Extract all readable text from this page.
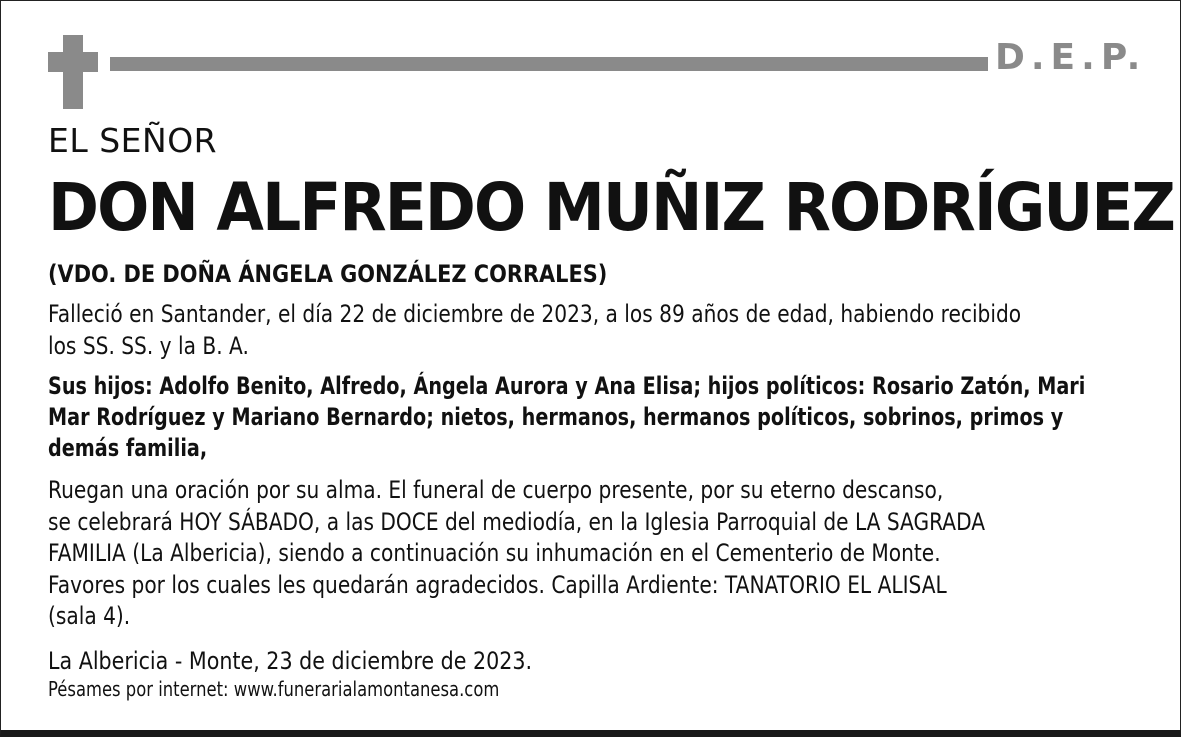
D.E.P.
EL SEÑOR
DON ALFREDO MUÑIZ RODRÍGUEZ
(VDO. DE DOÑA ÁNGELA GONZÁLEZ CORRALES)
Falleció en Santander, el día 22 de diciembre de 2023, a los 89 años de edad, habiendo recibido
los SS. SS. y la B. A.
Sus hijos: Adolfo Benito, Alfredo, Ángela Aurora y Ana Elisa; hijos políticos: Rosario Zatón, Mari
Mar Rodríguez y Mariano Bernardo; nietos, hermanos, hermanos políticos, sobrinos, primos y
demás familia,
Ruegan una oración por su alma. El funeral de cuerpo presente, por su eterno descanso,
se celebrará HOY SÁBADO, a las DOCE del mediodía, en la Iglesia Parroquial de LA SAGRADA
FAMILIA (La Albericia), siendo a continuación su inhumación en el Cementerio de Monte.
Favores por los cuales les quedarán agradecidos. Capilla Ardiente: TANATORIO EL ALISAL
(sala 4).
La Albericia - Monte, 23 de diciembre de 2023.
Pésames por internet: www.funerarialamontanesa.com
